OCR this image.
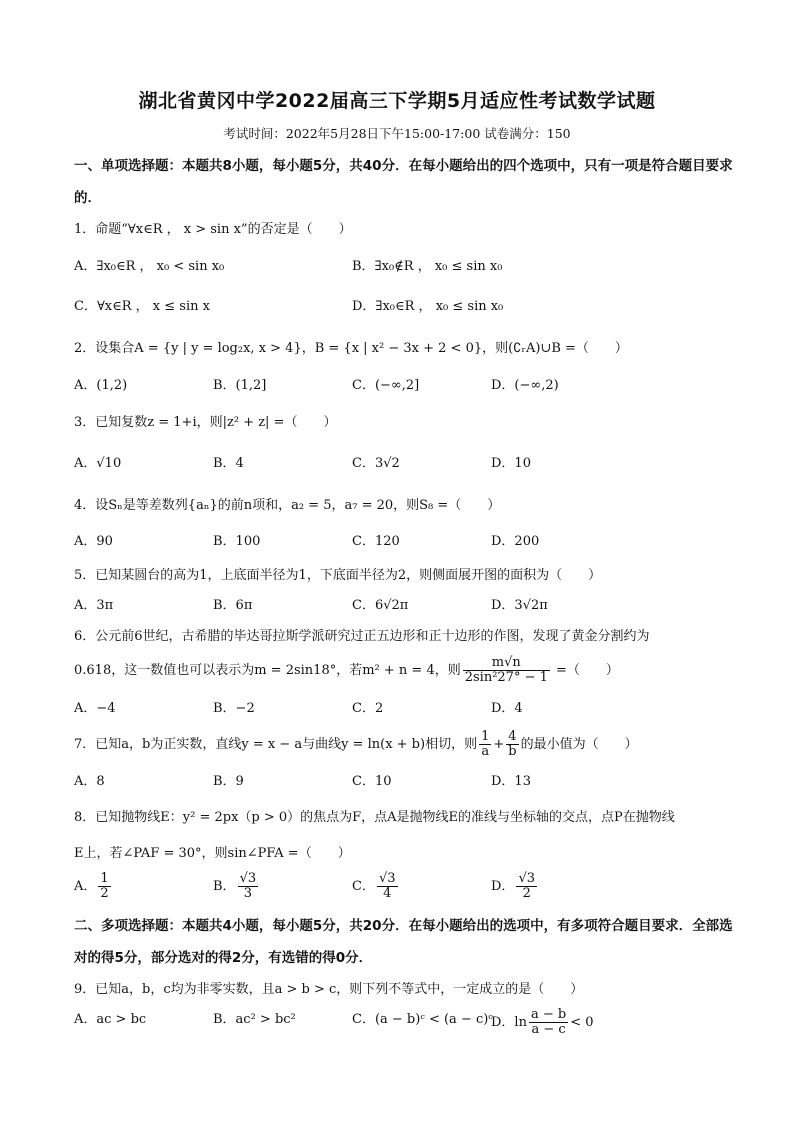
湖北省黄冈中学2022届高三下学期5月适应性考试数学试题
考试时间：2022年5月28日下午15:00-17:00 试卷满分：150
一、单项选择题：本题共8小题，每小题5分，共40分．在每小题给出的四个选项中，只有一项是符合题目要求的．
1．命题“∀x∈R ， x > sin x”的否定是（　　）
A．∃x₀∈R ， x₀ < sin x₀	B．∃x₀∉R ， x₀ ≤ sin x₀
C．∀x∈R ， x ≤ sin x	D．∃x₀∈R ， x₀ ≤ sin x₀
2．设集合A = {y | y = log₂x, x > 4}，B = {x | x² − 3x + 2 < 0}，则(∁ᵣA)∪B =（　　）
A．(1,2)	B．(1,2]	C．(−∞,2]	D．(−∞,2)
3．已知复数z = 1+i，则|z² + z| =（　　）
A．√10	B．4	C．3√2	D．10
4．设Sₙ是等差数列{aₙ}的前n项和，a₂ = 5，a₇ = 20，则S₈ =（　　）
A．90	B．100	C．120	D．200
5．已知某圆台的高为1，上底面半径为1，下底面半径为2，则侧面展开图的面积为（　　）
A．3π	B．6π	C．6√2π	D．3√2π
6．公元前6世纪，古希腊的毕达哥拉斯学派研究过正五边形和正十边形的作图，发现了黄金分割约为
0.618，这一数值也可以表示为m = 2sin18°，若m² + n = 4，则 $\frac{m√n}{\text{2sin²27° − 1}}$ =（　　）
A．−4	B．−2	C．2	D．4
7．已知a，b为正实数，直线y = x − a与曲线y = ln(x + b)相切，则 $\frac{1}{a} + \frac{4}{b}$ 的最小值为（　　）
A．8	B．9	C．10	D．13
8．已知抛物线E：y² = 2px（p > 0）的焦点为F，点A是抛物线E的准线与坐标轴的交点，点P在抛物线
E上，若∠PAF = 30°，则sin∠PFA =（　　）
A． $\frac{1}{2}$	B． $\frac{√3}{3}$	C． $\frac{√3}{4}$	D． $\frac{√3}{2}$
二、多项选择题：本题共4小题，每小题5分，共20分．在每小题给出的选项中，有多项符合题目要求．全部选对的得5分，部分选对的得2分，有选错的得0分．
9．已知a，b，c均为非零实数，且a > b > c，则下列不等式中，一定成立的是（　　）
A．ac > bc	B．ac² > bc²	C．(a − b)ᶜ < (a − c)ᶜ
D．$\ln \frac{a - b}{a - c} < 0$
